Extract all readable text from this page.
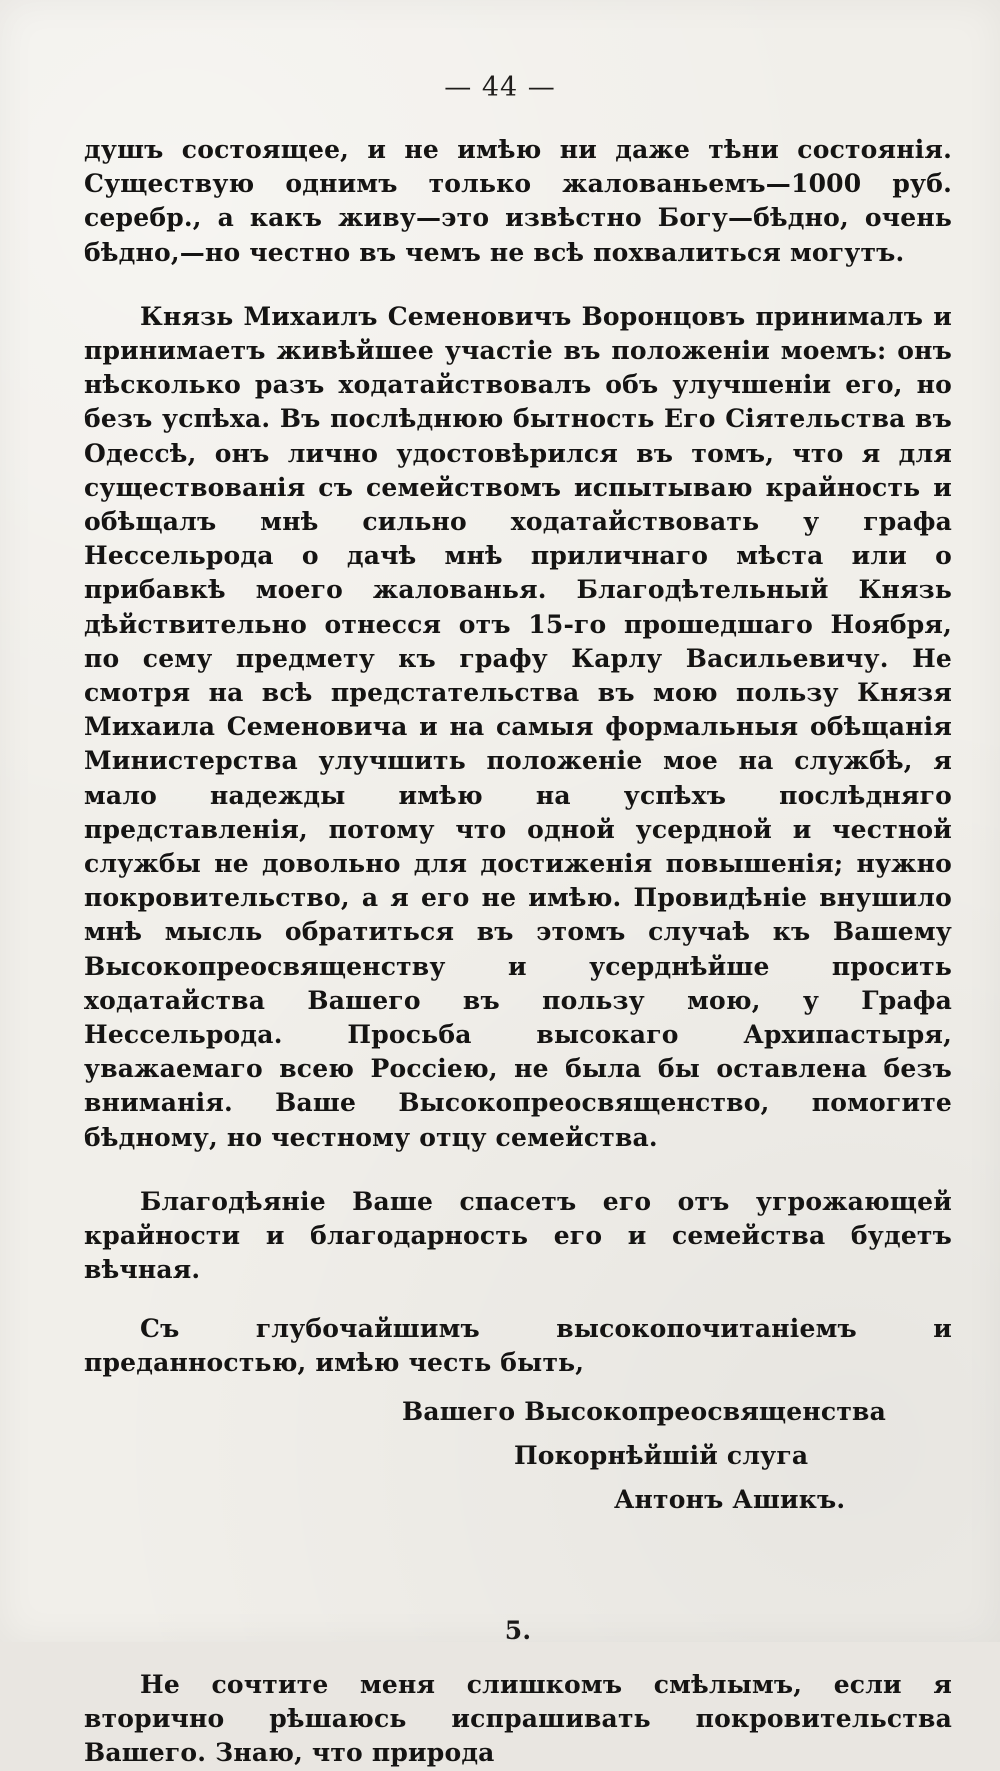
— 44 —

душъ состоящее, и не имѣю ни даже тѣни состоянія. Существую однимъ только жалованьемъ—1000 руб. серебр., а какъ живу—это извѣстно Богу—бѣдно, очень бѣдно,—но честно въ чемъ не всѣ похвалиться могутъ.

Князь Михаилъ Семеновичъ Воронцовъ принималъ и принимаетъ живѣйшее участіе въ положеніи моемъ: онъ нѣсколько разъ ходатайствовалъ объ улучшеніи его, но безъ успѣха. Въ послѣднюю бытность Его Сіятельства въ Одессѣ, онъ лично удостовѣрился въ томъ, что я для существованія съ семействомъ испытываю крайность и обѣщалъ мнѣ сильно ходатайствовать у графа Нессельрода о дачѣ мнѣ приличнаго мѣста или о прибавкѣ моего жалованья. Благодѣтельный Князь дѣйствительно отнесся отъ 15-го прошедшаго Ноября, по сему предмету къ графу Карлу Васильевичу. Не смотря на всѣ предстательства въ мою пользу Князя Михаила Семеновича и на самыя формальныя обѣщанія Министерства улучшить положеніе мое на службѣ, я мало надежды имѣю на успѣхъ послѣдняго представленія, потому что одной усердной и честной службы не довольно для достиженія повышенія; нужно покровительство, а я его не имѣю. Провидѣніе внушило мнѣ мысль обратиться въ этомъ случаѣ къ Вашему Высокопреосвященству и усерднѣйше просить ходатайства Вашего въ пользу мою, у Графа Нессельрода. Просьба высокаго Архипастыря, уважаемаго всею Россіею, не была бы оставлена безъ вниманія. Ваше Высокопреосвященство, помогите бѣдному, но честному отцу семейства.

Благодѣяніе Ваше спасетъ его отъ угрожающей крайности и благодарность его и семейства будетъ вѣчная.

Съ глубочайшимъ высокопочитаніемъ и преданностью, имѣю честь быть,

Вашего Высокопреосвященства

Покорнѣйшій слуга

Антонъ Ашикъ.

5.

Не сочтите меня слишкомъ смѣлымъ, если я вторично рѣшаюсь испрашивать покровительства Вашего. Знаю, что природа
